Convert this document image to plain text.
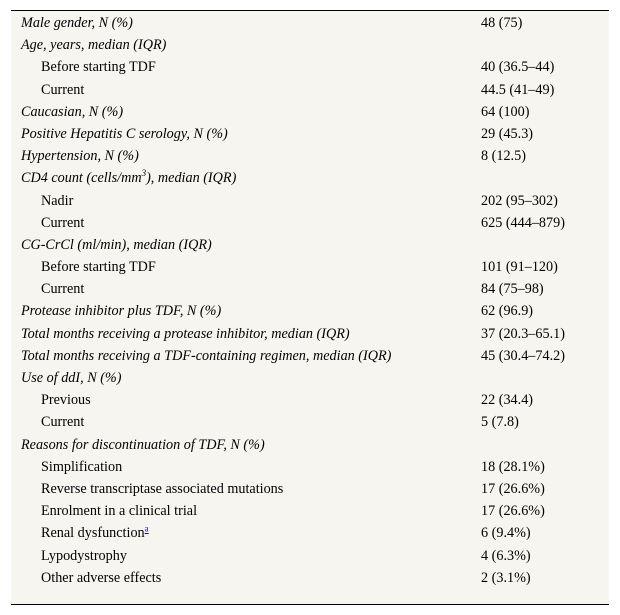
Male gender, N (%)	48 (75)
Age, years, median (IQR)
Before starting TDF	40 (36.5–44)
Current	44.5 (41–49)
Caucasian, N (%)	64 (100)
Positive Hepatitis C serology, N (%)	29 (45.3)
Hypertension, N (%)	8 (12.5)
CD4 count $(cells/mm^3)$, median (IQR)
Nadir	202 (95–302)
Current	625 (444–879)
CG-CrCl (ml/min), median (IQR)
Before starting TDF	101 (91–120)
Current	84 (75–98)
Protease inhibitor plus TDF, N (%)	62 (96.9)
Total months receiving a protease inhibitor, median (IQR)	37 (20.3–65.1)
Total months receiving a TDF-containing regimen, median (IQR)	45 (30.4–74.2)
Use of ddI, N (%)
Previous	22 (34.4)
Current	5 (7.8)
Reasons for discontinuation of TDF, N (%)
Simplification	18 (28.1%)
Reverse transcriptase associated mutations	17 (26.6%)
Enrolment in a clinical trial	17 (26.6%)
Renal dysfunction$^a$	6 (9.4%)
Lypodystrophy	4 (6.3%)
Other adverse effects	2 (3.1%)
